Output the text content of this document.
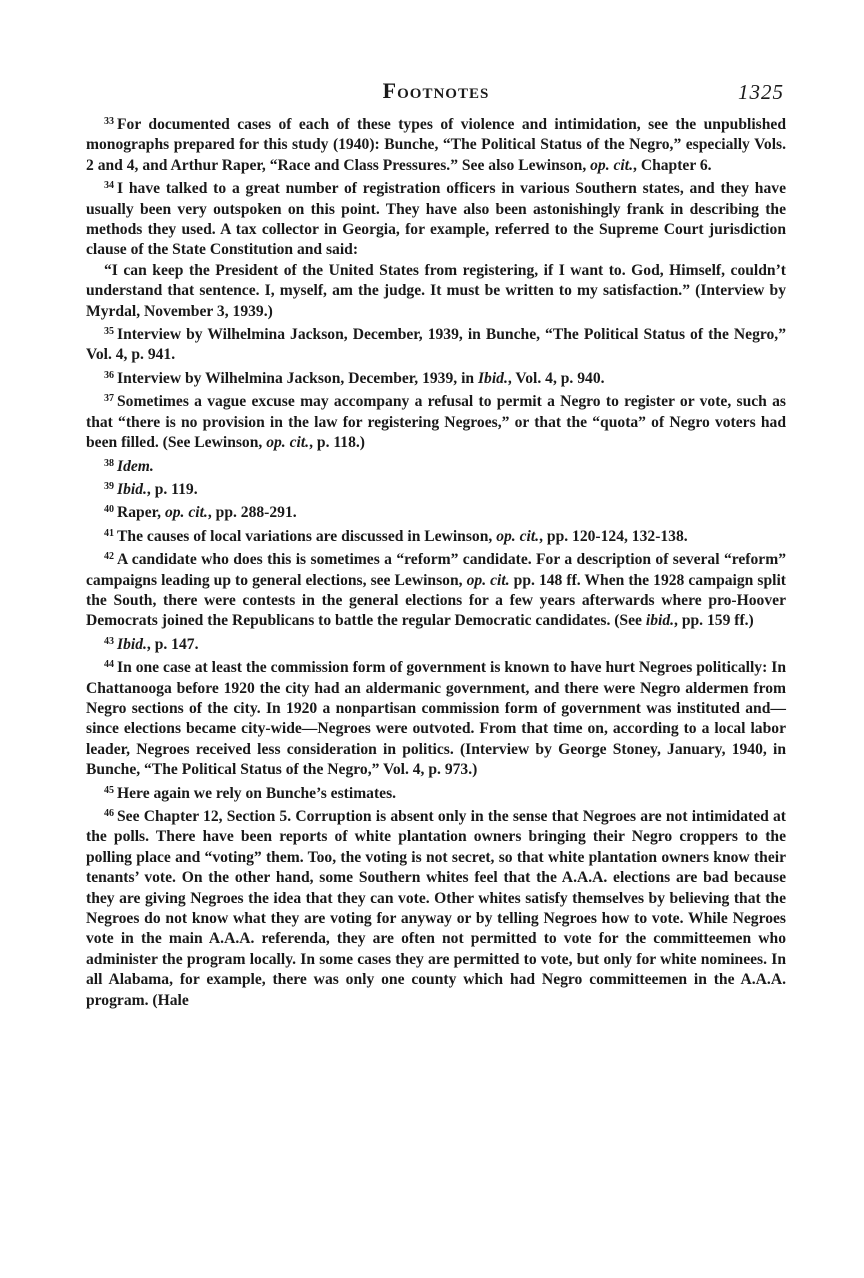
Footnotes	1325

$^{33}$ For documented cases of each of these types of violence and intimidation, see the unpublished monographs prepared for this study (1940): Bunche, “The Political Status of the Negro,” especially Vols. 2 and 4, and Arthur Raper, “Race and Class Pressures.” See also Lewinson, op. cit., Chapter 6.

$^{34}$ I have talked to a great number of registration officers in various Southern states, and they have usually been very outspoken on this point. They have also been astonishingly frank in describing the methods they used. A tax collector in Georgia, for example, referred to the Supreme Court jurisdiction clause of the State Constitution and said:

“I can keep the President of the United States from registering, if I want to. God, Himself, couldn’t understand that sentence. I, myself, am the judge. It must be written to my satisfaction.” (Interview by Myrdal, November 3, 1939.)

$^{35}$ Interview by Wilhelmina Jackson, December, 1939, in Bunche, “The Political Status of the Negro,” Vol. 4, p. 941.

$^{36}$ Interview by Wilhelmina Jackson, December, 1939, in Ibid., Vol. 4, p. 940.

$^{37}$ Sometimes a vague excuse may accompany a refusal to permit a Negro to register or vote, such as that “there is no provision in the law for registering Negroes,” or that the “quota” of Negro voters had been filled. (See Lewinson, op. cit., p. 118.)

$^{38}$ Idem.

$^{39}$ Ibid., p. 119.

$^{40}$ Raper, op. cit., pp. 288-291.

$^{41}$ The causes of local variations are discussed in Lewinson, op. cit., pp. 120-124, 132-138.

$^{42}$ A candidate who does this is sometimes a “reform” candidate. For a description of several “reform” campaigns leading up to general elections, see Lewinson, op. cit. pp. 148 ff. When the 1928 campaign split the South, there were contests in the general elections for a few years afterwards where pro-Hoover Democrats joined the Republicans to battle the regular Democratic candidates. (See ibid., pp. 159 ff.)

$^{43}$ Ibid., p. 147.

$^{44}$ In one case at least the commission form of government is known to have hurt Negroes politically: In Chattanooga before 1920 the city had an aldermanic government, and there were Negro aldermen from Negro sections of the city. In 1920 a nonpartisan commission form of government was instituted and—since elections became city-wide—Negroes were outvoted. From that time on, according to a local labor leader, Negroes received less consideration in politics. (Interview by George Stoney, January, 1940, in Bunche, “The Political Status of the Negro,” Vol. 4, p. 973.)

$^{45}$ Here again we rely on Bunche’s estimates.

$^{46}$ See Chapter 12, Section 5. Corruption is absent only in the sense that Negroes are not intimidated at the polls. There have been reports of white plantation owners bringing their Negro croppers to the polling place and “voting” them. Too, the voting is not secret, so that white plantation owners know their tenants’ vote. On the other hand, some Southern whites feel that the A.A.A. elections are bad because they are giving Negroes the idea that they can vote. Other whites satisfy themselves by believing that the Negroes do not know what they are voting for anyway or by telling Negroes how to vote. While Negroes vote in the main A.A.A. referenda, they are often not permitted to vote for the committeemen who administer the program locally. In some cases they are permitted to vote, but only for white nominees. In all Alabama, for example, there was only one county which had Negro committeemen in the A.A.A. program. (Hale
